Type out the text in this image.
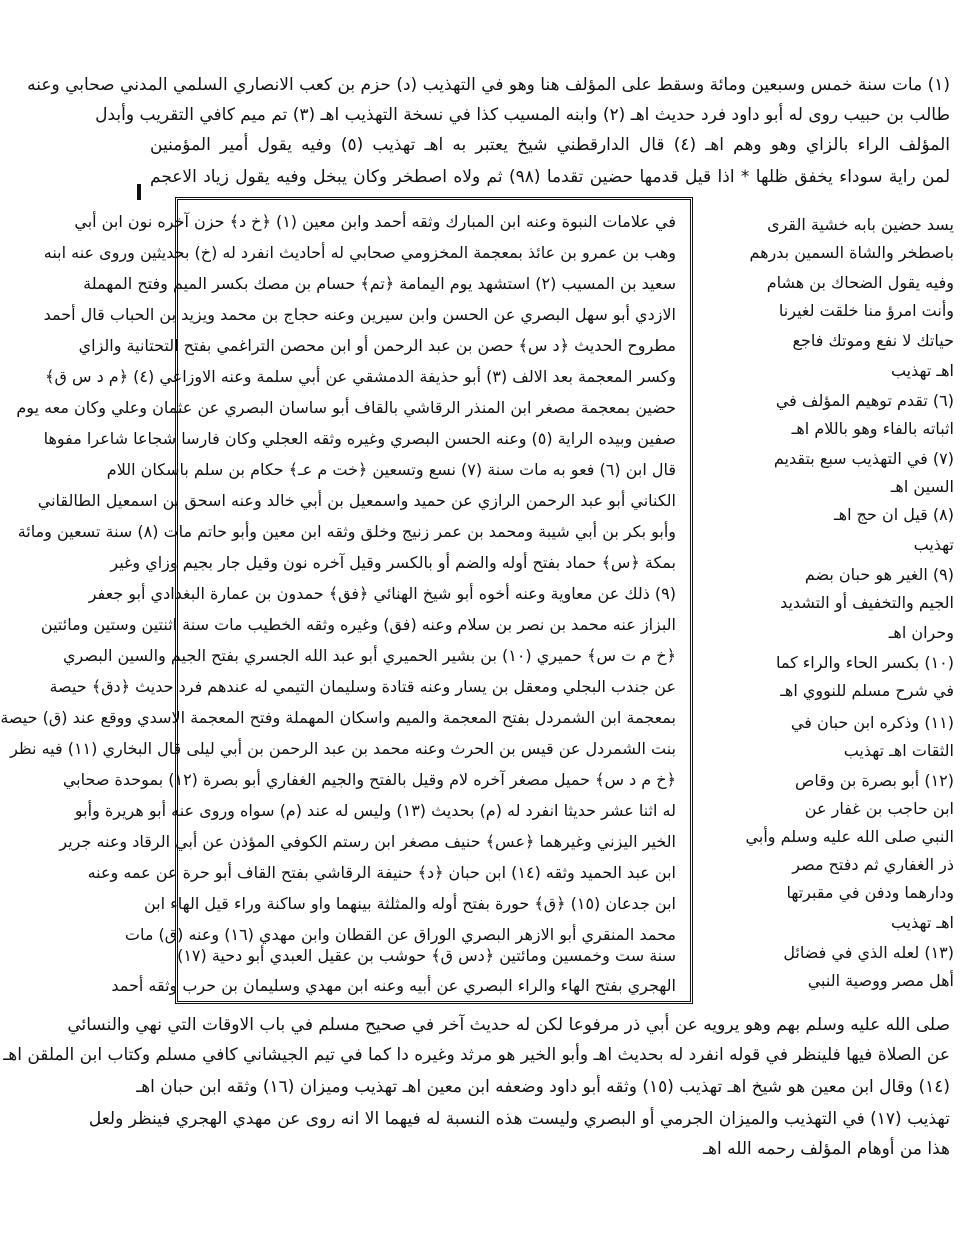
(١) مات سنة خمس وسبعين ومائة وسقط على المؤلف هنا وهو في التهذيب (د) حزم بن كعب الانصاري السلمي المدني صحابي وعنه
طالب بن حبيب روى له أبو داود فرد حديث اهـ (٢) وابنه المسيب كذا في نسخة التهذيب اهـ (٣) تم ميم كافي التقريب وأبدل
المؤلف الراء بالزاي وهو وهم اهـ (٤) قال الدارقطني شيخ يعتبر به اهـ تهذيب (٥) وفيه يقول أمير المؤمنين
لمن راية سوداء يخفق ظلها * اذا قيل قدمها حضين تقدما (٩٨) ثم ولاه اصطخر وكان يبخل وفيه يقول زياد الاعجم
في علامات النبوة وعنه ابن المبارك وثقه أحمد وابن معين (١) ﴿خ د﴾ حزن آخره نون ابن أبي
وهب بن عمرو بن عائذ بمعجمة المخزومي صحابي له أحاديث انفرد له (خ) بحديثين وروى عنه ابنه
سعيد بن المسيب (٢) استشهد يوم اليمامة ﴿تم﴾ حسام بن مصك بكسر الميم وفتح المهملة
الازدي أبو سهل البصري عن الحسن وابن سيرين وعنه حجاج بن محمد ويزيد بن الحباب قال أحمد
مطروح الحديث ﴿د س﴾ حصن بن عبد الرحمن أو ابن محصن التراغمي بفتح التحتانية والزاي
وكسر المعجمة بعد الالف (٣) أبو حذيفة الدمشقي عن أبي سلمة وعنه الاوزاعي (٤) ﴿م د س ق﴾
حضين بمعجمة مصغر ابن المنذر الرقاشي بالقاف أبو ساسان البصري عن عثمان وعلي وكان معه يوم
صفين وبيده الراية (٥) وعنه الحسن البصري وغيره وثقه العجلي وكان فارسا شجاعا شاعرا مفوها
قال ابن (٦) فعو به مات سنة (٧) نسع وتسعين ﴿خت م عـ﴾ حكام بن سلم باسكان اللام
الكناني أبو عبد الرحمن الرازي عن حميد واسمعيل بن أبي خالد وعنه اسحق بن اسمعيل الطالقاني
وأبو بكر بن أبي شيبة ومحمد بن عمر زنيج وخلق وثقه ابن معين وأبو حاتم مات (٨) سنة تسعين ومائة
بمكة ﴿س﴾ حماد بفتح أوله والضم أو بالكسر وقيل آخره نون وقيل جار بجيم وزاي وغير
(٩) ذلك عن معاوية وعنه أخوه أبو شيخ الهنائي ﴿فق﴾ حمدون بن عمارة البغدادي أبو جعفر
البزاز عنه محمد بن نصر بن سلام وعنه (فق) وغيره وثقه الخطيب مات سنة اثنتين وستين ومائتين
﴿خ م ت س﴾ حميري (١٠) بن بشير الحميري أبو عبد الله الجسري بفتح الجيم والسين البصري
عن جندب البجلي ومعقل بن يسار وعنه قتادة وسليمان التيمي له عندهم فرد حديث ﴿دق﴾ حيصة
بمعجمة ابن الشمردل بفتح المعجمة والميم واسكان المهملة وفتح المعجمة الاسدي ووقع عند (ق) حيصة
بنت الشمردل عن قيس بن الحرث وعنه محمد بن عبد الرحمن بن أبي ليلى قال البخاري (١١) فيه نظر
﴿خ م د س﴾ حميل مصغر آخره لام وقيل بالفتح والجيم الغفاري أبو بصرة (١٢) بموحدة صحابي
له اثنا عشر حديثا انفرد له (م) بحديث (١٣) وليس له عند (م) سواه وروى عنه أبو هريرة وأبو
الخير اليزني وغيرهما ﴿عس﴾ حنيف مصغر ابن رستم الكوفي المؤذن عن أبي الرقاد وعنه جرير
ابن عبد الحميد وثقه (١٤) ابن حبان ﴿د﴾ حنيفة الرقاشي بفتح القاف أبو حرة عن عمه وعنه
ابن جدعان (١٥) ﴿ق﴾ حورة بفتح أوله والمثلثة بينهما واو ساكنة وراء قيل الهاء ابن
محمد المنقري أبو الازهر البصري الوراق عن القطان وابن مهدي (١٦) وعنه (ق) مات
سنة ست وخمسين ومائتين ﴿دس ق﴾ حوشب بن عقيل العبدي أبو دحية (١٧)
الهجري بفتح الهاء والراء البصري عن أبيه وعنه ابن مهدي وسليمان بن حرب وثقه أحمد
يسد حضين بابه خشية القرى
باصطخر والشاة السمين بدرهم
وفيه يقول الضحاك بن هشام
وأنت امرؤ منا خلقت لغيرنا
حياتك لا نفع وموتك فاجع
اهـ تهذيب
(٦) تقدم توهيم المؤلف في
اثباته بالفاء وهو باللام اهـ
(٧) في التهذيب سبع بتقديم
السين اهـ
(٨) قيل ان حج اهـ
تهذيب
(٩) الغير هو حبان بضم
الجيم والتخفيف أو التشديد
وحران اهـ
(١٠) بكسر الحاء والراء كما
في شرح مسلم للنووي اهـ
(١١) وذكره ابن حبان في
الثقات اهـ تهذيب
(١٢) أبو بصرة بن وقاص
ابن حاجب بن غفار عن
النبي صلى الله عليه وسلم وأبي
ذر الغفاري ثم دفتح مصر
ودارهما ودفن في مقبرتها
اهـ تهذيب
(١٣) لعله الذي في فضائل
أهل مصر ووصية النبي
صلى الله عليه وسلم بهم وهو يرويه عن أبي ذر مرفوعا لكن له حديث آخر في صحيح مسلم في باب الاوقات التي نهي والنسائي
عن الصلاة فيها فلينظر في قوله انفرد له بحديث اهـ وأبو الخير هو مرثد وغيره دا كما في تيم الجيشاني كافي مسلم وكتاب ابن الملقن اهـ
(١٤) وقال ابن معين هو شيخ اهـ تهذيب (١٥) وثقه أبو داود وضعفه ابن معين اهـ تهذيب وميزان (١٦) وثقه ابن حبان اهـ
تهذيب (١٧) في التهذيب والميزان الجرمي أو البصري وليست هذه النسبة له فيهما الا انه روى عن مهدي الهجري فينظر ولعل
هذا من أوهام المؤلف رحمه الله اهـ
